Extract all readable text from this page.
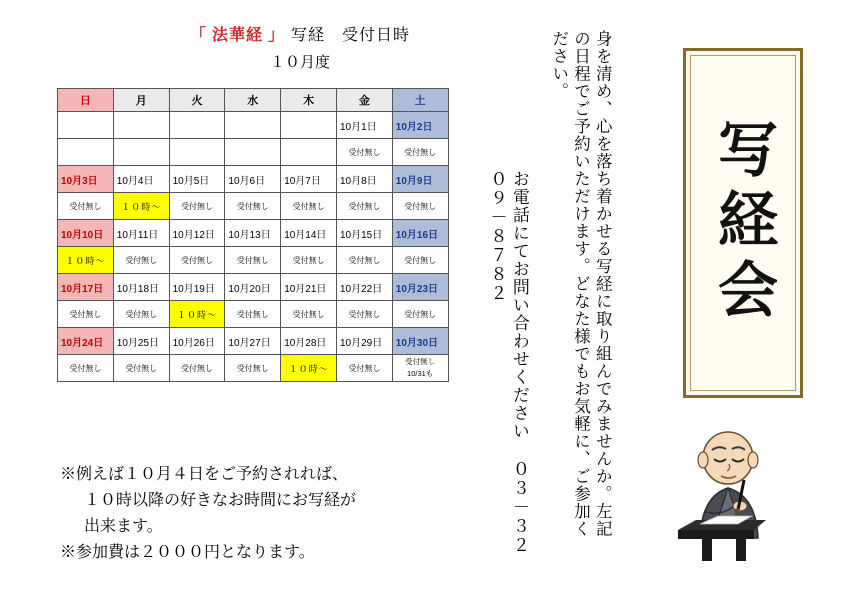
「 法華経 」 写経　受付日時
１０月度
日	月	火	水	木	金	土
					10月1日	10月2日
					受付無し	受付無し
10月3日	10月4日	10月5日	10月6日	10月7日	10月8日	10月9日
受付無し	１０時～	受付無し	受付無し	受付無し	受付無し	受付無し
10月10日	10月11日	10月12日	10月13日	10月14日	10月15日	10月16日
１０時～	受付無し	受付無し	受付無し	受付無し	受付無し	受付無し
10月17日	10月18日	10月19日	10月20日	10月21日	10月22日	10月23日
受付無し	受付無し	１０時～	受付無し	受付無し	受付無し	受付無し
10月24日	10月25日	10月26日	10月27日	10月28日	10月29日	10月30日
受付無し	受付無し	受付無し	受付無し	１０時～	受付無し	受付無し
10/31も
※例えば１０月４日をご予約されれば、
１０時以降の好きなお時間にお写経が
出来ます。
※参加費は２０００円となります。
身を清め、心を落ち着かせる写経に取り組んでみませんか。左記の日程でご予約いただけます。どなた様でもお気軽に、ご参加ください。
お電話にてお問い合わせください ０３－３２０９－８７８２	写経会
